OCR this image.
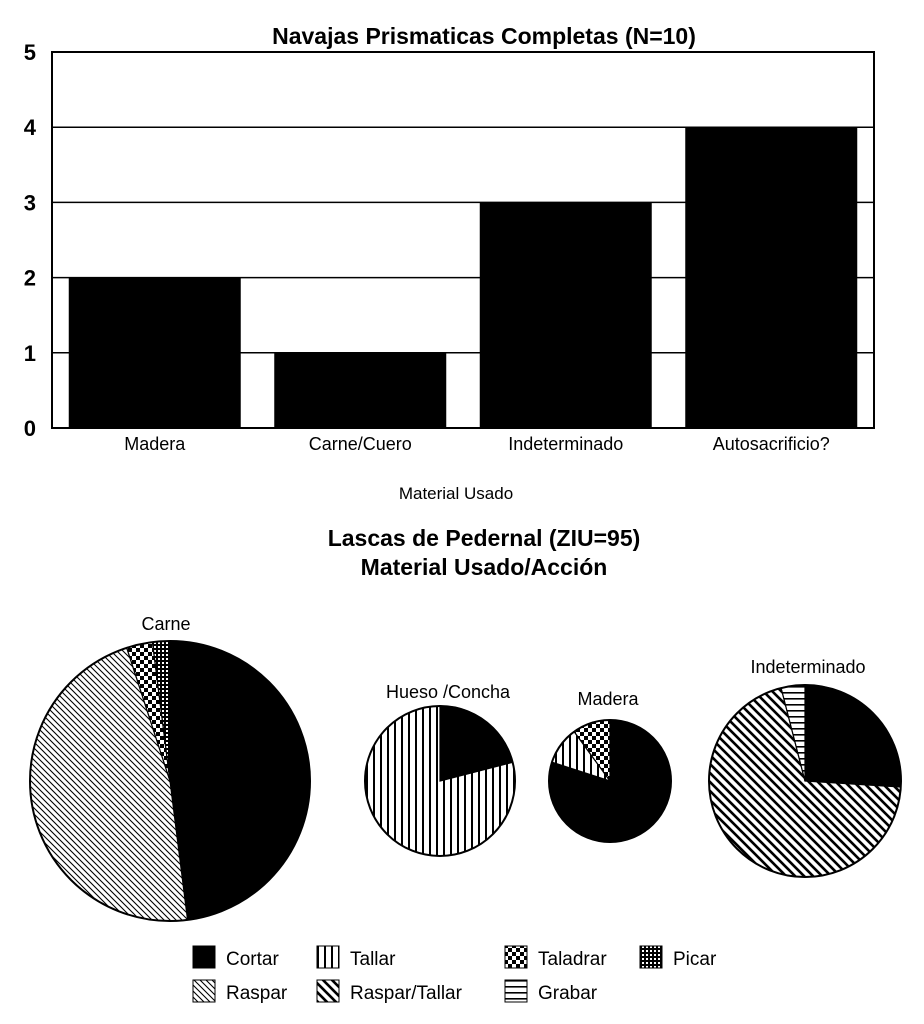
Navajas Prismaticas Completas (N=10)
0
1
2
3
4
5
Madera	Carne/Cuero	Indeterminado	Autosacrificio?
Material Usado
Lascas de Pedernal (ZIU=95)
Material Usado/Acción
Carne
Hueso /Concha	Madera
Indeterminado
Cortar	Tallar	Taladrar	Picar
Raspar	Raspar/Tallar	Grabar
